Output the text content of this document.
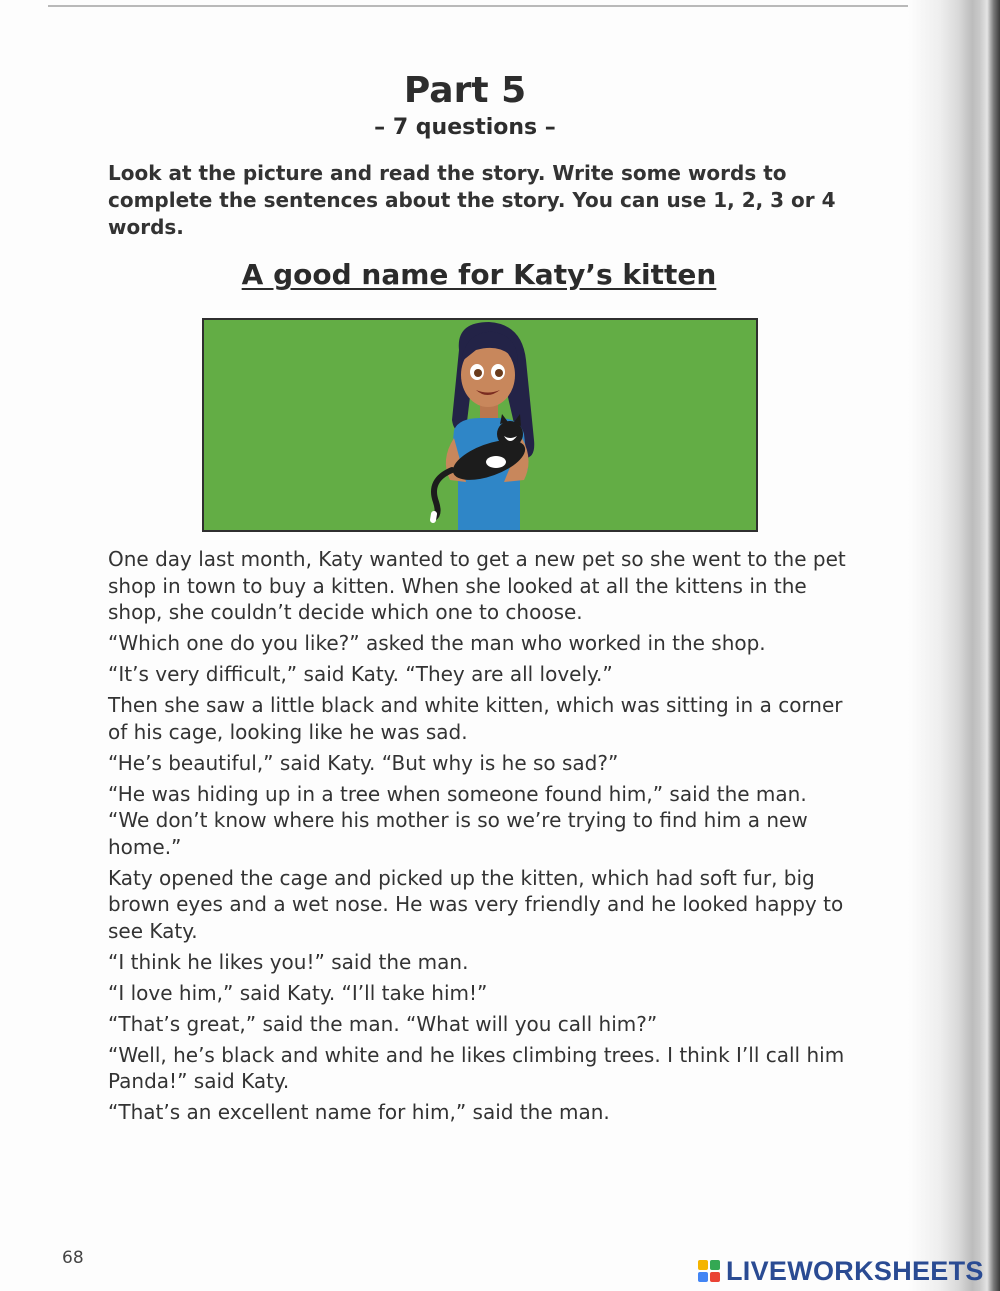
Part 5
– 7 questions –
Look at the picture and read the story. Write some words to complete the sentences about the story. You can use 1, 2, 3 or 4 words.
A good name for Katy’s kitten

One day last month, Katy wanted to get a new pet so she went to the pet shop in town to buy a kitten. When she looked at all the kittens in the shop, she couldn’t decide which one to choose.

“Which one do you like?” asked the man who worked in the shop.

“It’s very difficult,” said Katy. “They are all lovely.”

Then she saw a little black and white kitten, which was sitting in a corner of his cage, looking like he was sad.

“He’s beautiful,” said Katy. “But why is he so sad?”

“He was hiding up in a tree when someone found him,” said the man. “We don’t know where his mother is so we’re trying to find him a new home.”

Katy opened the cage and picked up the kitten, which had soft fur, big brown eyes and a wet nose. He was very friendly and he looked happy to see Katy.

“I think he likes you!” said the man.

“I love him,” said Katy. “I’ll take him!”

“That’s great,” said the man. “What will you call him?”

“Well, he’s black and white and he likes climbing trees. I think I’ll call him Panda!” said Katy.

“That’s an excellent name for him,” said the man.

68	LIVEWORKSHEETS
